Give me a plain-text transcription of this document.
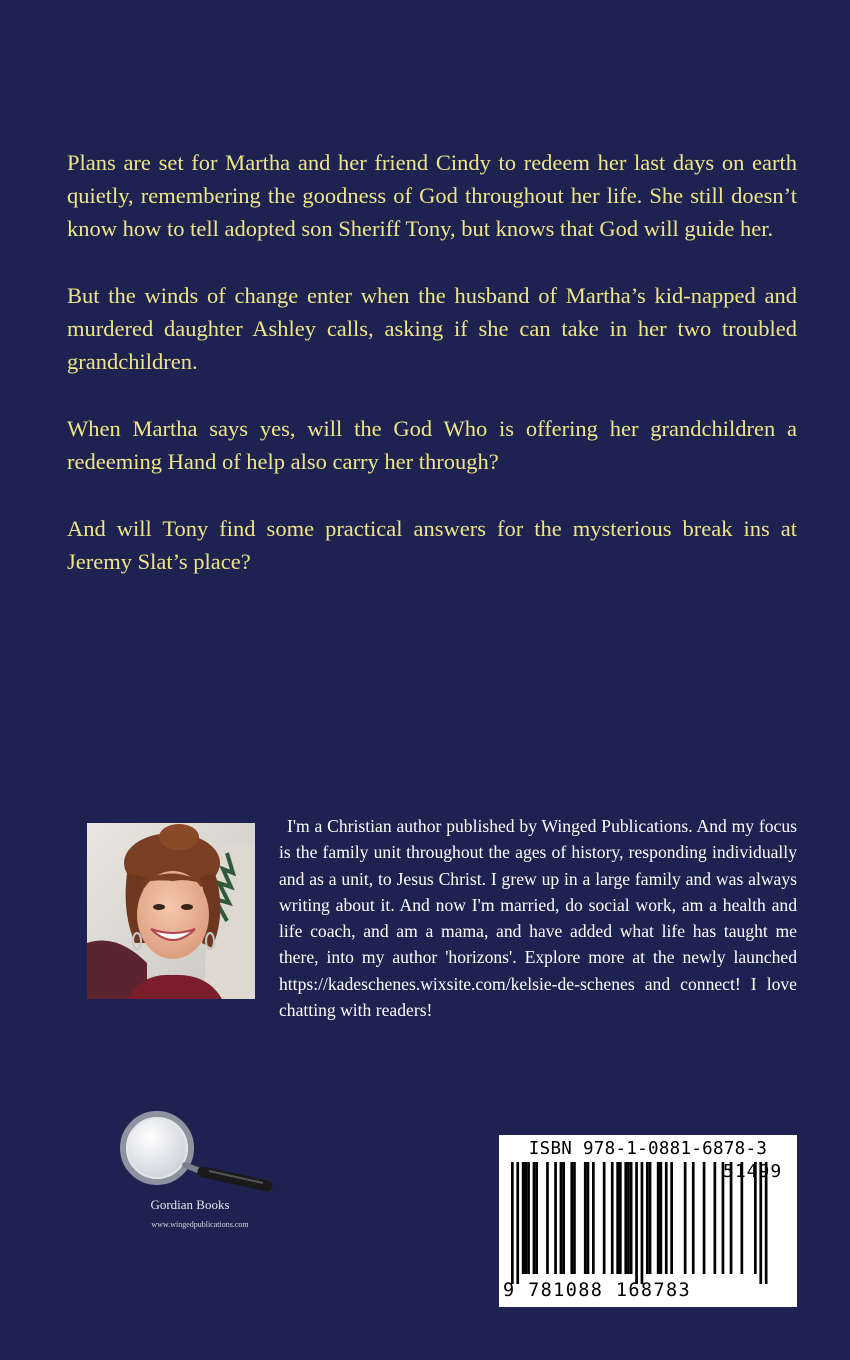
Plans are set for Martha and her friend Cindy to redeem her last days on earth quietly, remembering the goodness of God throughout her life. She still doesn’t know how to tell adopted son Sheriff Tony, but knows that God will guide her.

But the winds of change enter when the husband of Martha’s kid-napped and murdered daughter Ashley calls, asking if she can take in her two troubled grandchildren.

When Martha says yes, will the God Who is offering her grandchildren a redeeming Hand of help also carry her through?

And will Tony find some practical answers for the mysterious break ins at Jeremy Slat’s place?

I'm a Christian author published by Winged Publications. And my focus is the family unit throughout the ages of history, responding individually and as a unit, to Jesus Christ. I grew up in a large family and was always writing about it. And now I'm married, do social work, am a health and life coach, and am a mama, and have added what life has taught me there, into my author 'horizons'. Explore more at the newly launched https://kadeschenes.wixsite.com/kelsie-de-schenes and connect! I love chatting with readers!

Gordian Books
www.wingedpublications.com

ISBN 978-1-0881-6878-3

51499
9 781088 168783
